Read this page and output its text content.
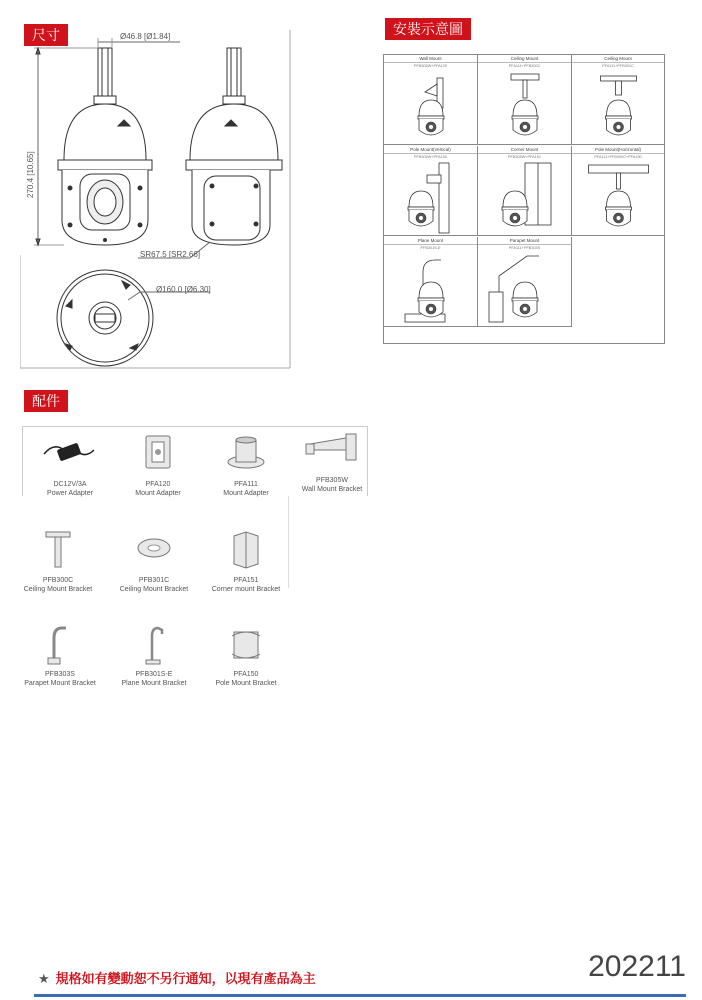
尺寸	安裝示意圖
配件
Ø46.8 [Ø1.84]
270.4 [10.65]
SR67.5 [SR2.66]
Ø160.0 [Ø6.30]
Wall Mount
PFB305W+PFA120
Ceiling Mount
PFA111+PFB300C
Ceiling Mount
PFA111+PFB301C
Pole Mount(Vertical)
PFB305W+PFA150
Corner Mount
PFB305W+PFA151
Pole Mount(Horizontal)
PFA111+PFB300C+PFA150
Plane Mount
PFB301S-E
Parapet Mount
PFA111+PFB303S
DC12V/3A
Power Adapter
PFA120
Mount Adapter
PFA111
Mount Adapter
PFB305W
Wall Mount Bracket
PFB300C
Ceiling Mount Bracket
PFB301C
Ceiling Mount Bracket
PFA151
Corner mount Bracket
PFB303S
Parapet Mount Bracket
PFB301S-E
Plane Mount Bracket
PFA150
Pole Mount Bracket
★ 規格如有變動恕不另行通知，以現有產品為主	202211
